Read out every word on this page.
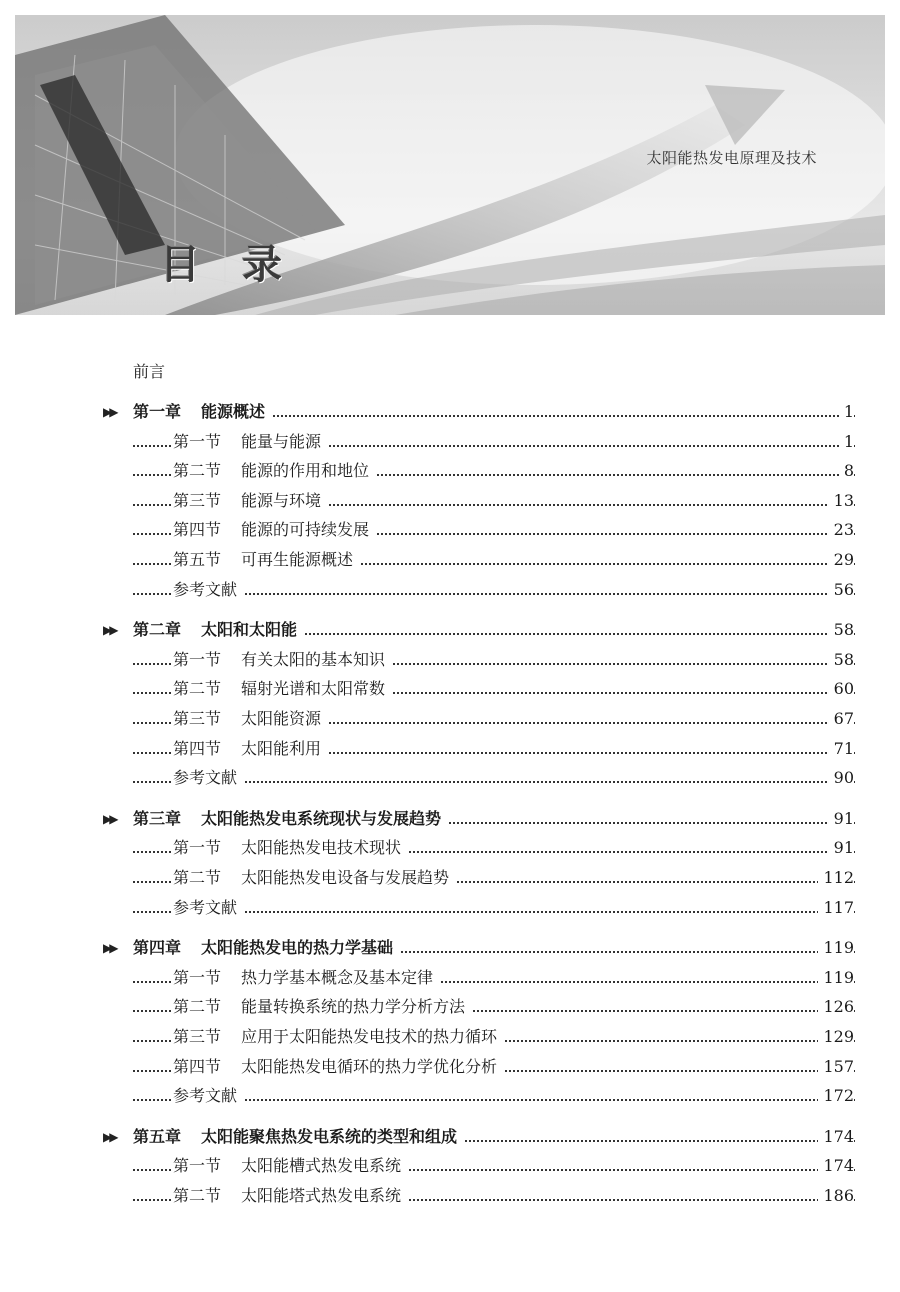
太阳能热发电原理及技术
目录
前言
▶▶ 第一章 能源概述	1
第一节 能量与能源	1
第二节 能源的作用和地位	8
第三节 能源与环境	13
第四节 能源的可持续发展	23
第五节 可再生能源概述	29
参考文献	56
▶▶ 第二章 太阳和太阳能	58
第一节 有关太阳的基本知识	58
第二节 辐射光谱和太阳常数	60
第三节 太阳能资源	67
第四节 太阳能利用	71
参考文献	90
▶▶ 第三章 太阳能热发电系统现状与发展趋势	91
第一节 太阳能热发电技术现状	91
第二节 太阳能热发电设备与发展趋势	112
参考文献	117
▶▶ 第四章 太阳能热发电的热力学基础	119
第一节 热力学基本概念及基本定律	119
第二节 能量转换系统的热力学分析方法	126
第三节 应用于太阳能热发电技术的热力循环	129
第四节 太阳能热发电循环的热力学优化分析	157
参考文献	172
▶▶ 第五章 太阳能聚焦热发电系统的类型和组成	174
第一节 太阳能槽式热发电系统	174
第二节 太阳能塔式热发电系统	186
